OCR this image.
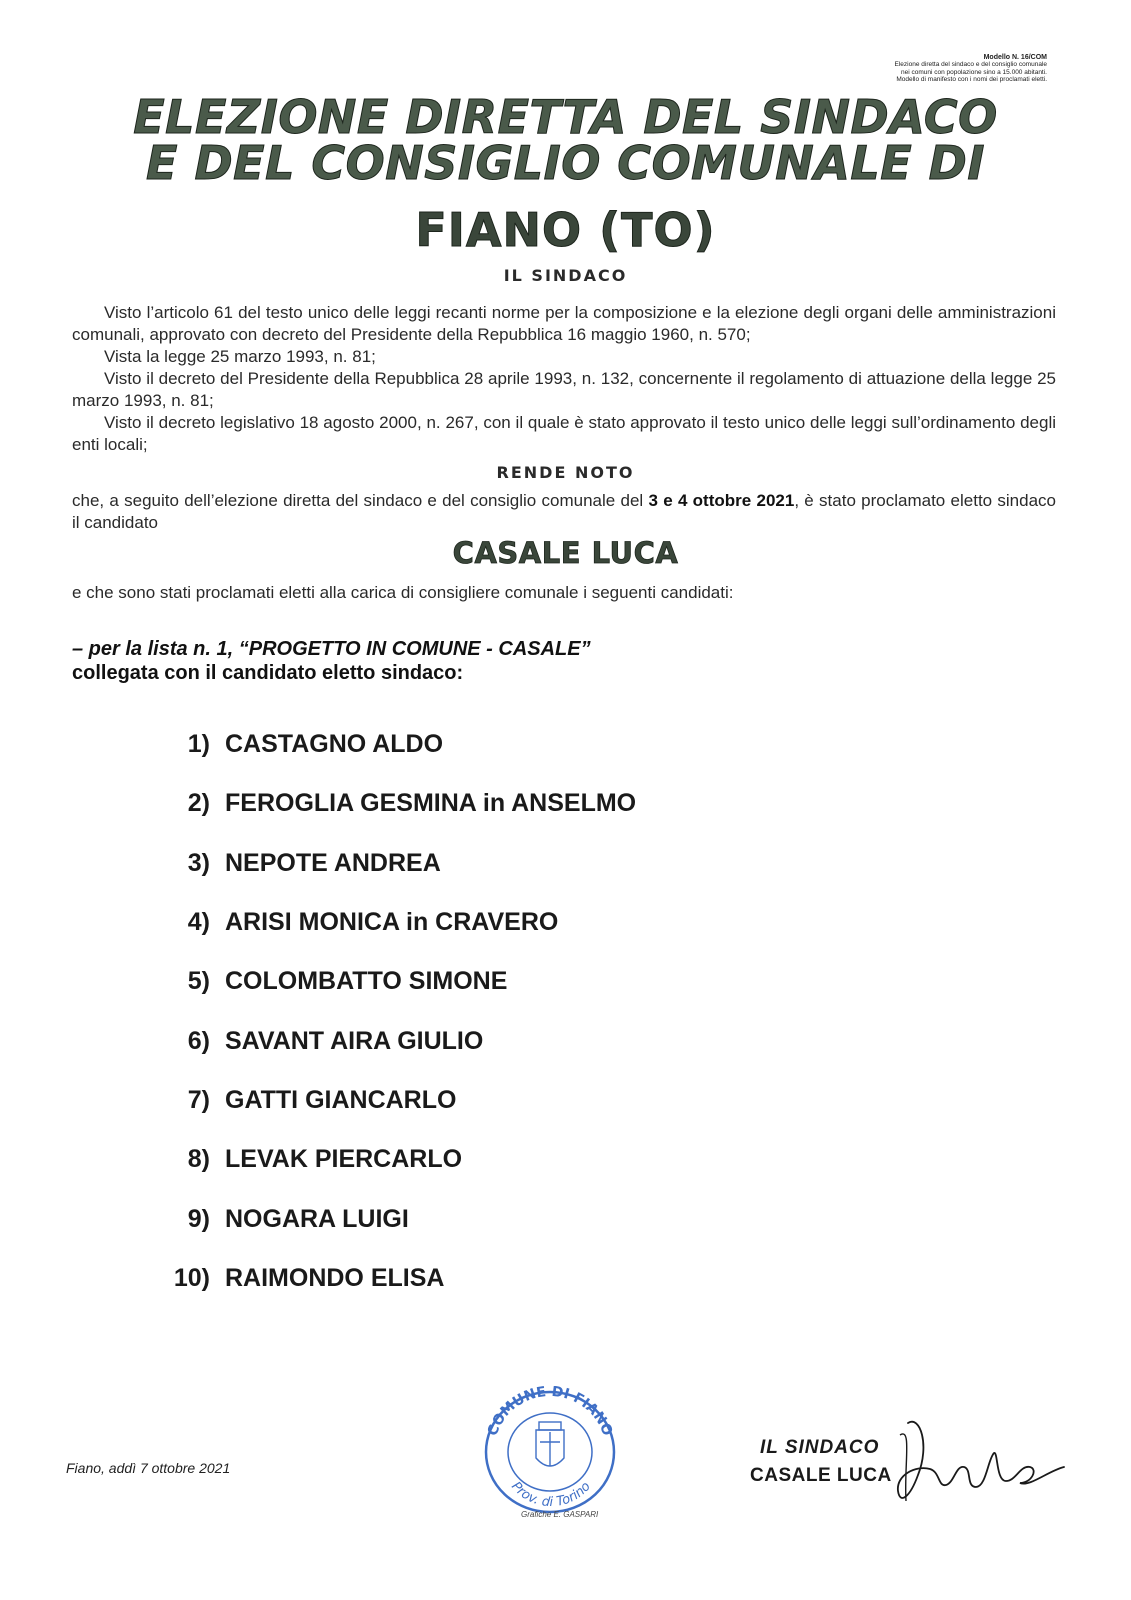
Modello N. 16/COM
Elezione diretta del sindaco e del consiglio comunale
nei comuni con popolazione sino a 15.000 abitanti.
Modello di manifesto con i nomi dei proclamati eletti.
ELEZIONE DIRETTA DEL SINDACO
E DEL CONSIGLIO COMUNALE DI
FIANO (TO)
IL SINDACO

Visto l’articolo 61 del testo unico delle leggi recanti norme per la composizione e la elezione degli organi delle amministrazioni comunali, approvato con decreto del Presidente della Repubblica 16 maggio 1960, n. 570;

Vista la legge 25 marzo 1993, n. 81;

Visto il decreto del Presidente della Repubblica 28 aprile 1993, n. 132, concernente il regolamento di attuazione della legge 25 marzo 1993, n. 81;

Visto il decreto legislativo 18 agosto 2000, n. 267, con il quale è stato approvato il testo unico delle leggi sull’ordinamento degli enti locali;

RENDE NOTO
che, a seguito dell’elezione diretta del sindaco e del consiglio comunale del 3 e 4 ottobre 2021, è stato proclamato eletto sindaco il candidato
CASALE LUCA
e che sono stati proclamati eletti alla carica di consigliere comunale i seguenti candidati:
– per la lista n. 1, “PROGETTO IN COMUNE - CASALE”
collegata con il candidato eletto sindaco:
1) CASTAGNO ALDO
2) FEROGLIA GESMINA in ANSELMO
3) NEPOTE ANDREA
4) ARISI MONICA in CRAVERO
5) COLOMBATTO SIMONE
6) SAVANT AIRA GIULIO
7) GATTI GIANCARLO
8) LEVAK PIERCARLO
9) NOGARA LUIGI
10) RAIMONDO ELISA
Fiano, addì 7 ottobre 2021
COMUNE DI FIANO
Prov. di Torino
Grafiche E. GASPARI
IL SINDACO
CASALE LUCA
